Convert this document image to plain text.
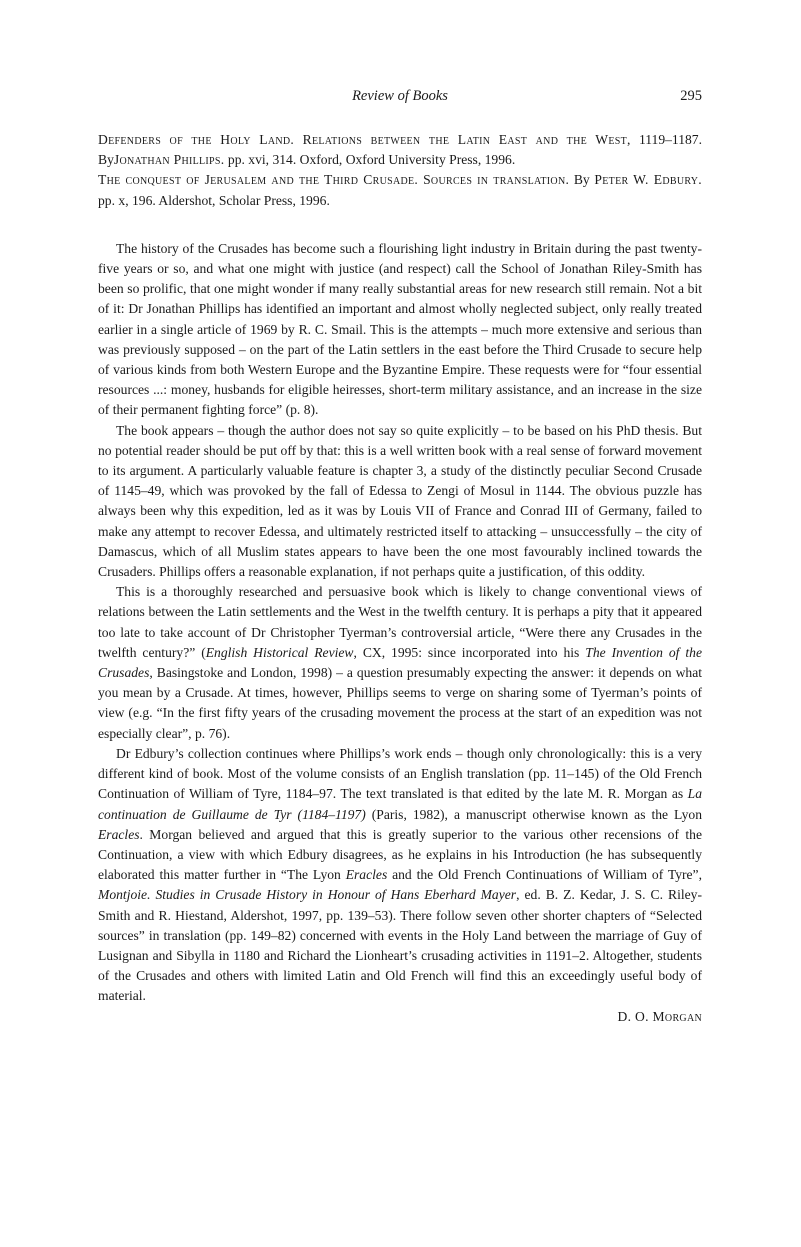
Review of Books	295
Defenders of the Holy Land. Relations between the Latin East and the West, 1119–1187. ByJonathan Phillips. pp. xvi, 314. Oxford, Oxford University Press, 1996.
The conquest of Jerusalem and the Third Crusade. Sources in translation. By Peter W. Edbury. pp. x, 196. Aldershot, Scholar Press, 1996.

The history of the Crusades has become such a flourishing light industry in Britain during the past twenty-five years or so, and what one might with justice (and respect) call the School of Jonathan Riley-Smith has been so prolific, that one might wonder if many really substantial areas for new research still remain. Not a bit of it: Dr Jonathan Phillips has identified an important and almost wholly neglected subject, only really treated earlier in a single article of 1969 by R. C. Smail. This is the attempts – much more extensive and serious than was previously supposed – on the part of the Latin settlers in the east before the Third Crusade to secure help of various kinds from both Western Europe and the Byzantine Empire. These requests were for “four essential resources ...: money, husbands for eligible heiresses, short-term military assistance, and an increase in the size of their permanent fighting force” (p. 8).

The book appears – though the author does not say so quite explicitly – to be based on his PhD thesis. But no potential reader should be put off by that: this is a well written book with a real sense of forward movement to its argument. A particularly valuable feature is chapter 3, a study of the distinctly peculiar Second Crusade of 1145–49, which was provoked by the fall of Edessa to Zengi of Mosul in 1144. The obvious puzzle has always been why this expedition, led as it was by Louis VII of France and Conrad III of Germany, failed to make any attempt to recover Edessa, and ultimately restricted itself to attacking – unsuccessfully – the city of Damascus, which of all Muslim states appears to have been the one most favourably inclined towards the Crusaders. Phillips offers a reasonable explanation, if not perhaps quite a justification, of this oddity.

This is a thoroughly researched and persuasive book which is likely to change conventional views of relations between the Latin settlements and the West in the twelfth century. It is perhaps a pity that it appeared too late to take account of Dr Christopher Tyerman’s controversial article, “Were there any Crusades in the twelfth century?” (English Historical Review, CX, 1995: since incorporated into his The Invention of the Crusades, Basingstoke and London, 1998) – a question presumably expecting the answer: it depends on what you mean by a Crusade. At times, however, Phillips seems to verge on sharing some of Tyerman’s points of view (e.g. “In the first fifty years of the crusading movement the process at the start of an expedition was not especially clear”, p. 76).

Dr Edbury’s collection continues where Phillips’s work ends – though only chronologically: this is a very different kind of book. Most of the volume consists of an English translation (pp. 11–145) of the Old French Continuation of William of Tyre, 1184–97. The text translated is that edited by the late M. R. Morgan as La continuation de Guillaume de Tyr (1184–1197) (Paris, 1982), a manuscript otherwise known as the Lyon Eracles. Morgan believed and argued that this is greatly superior to the various other recensions of the Continuation, a view with which Edbury disagrees, as he explains in his Introduction (he has subsequently elaborated this matter further in “The Lyon Eracles and the Old French Continuations of William of Tyre”, Montjoie. Studies in Crusade History in Honour of Hans Eberhard Mayer, ed. B. Z. Kedar, J. S. C. Riley-Smith and R. Hiestand, Aldershot, 1997, pp. 139–53). There follow seven other shorter chapters of “Selected sources” in translation (pp. 149–82) concerned with events in the Holy Land between the marriage of Guy of Lusignan and Sibylla in 1180 and Richard the Lionheart’s crusading activities in 1191–2. Altogether, students of the Crusades and others with limited Latin and Old French will find this an exceedingly useful body of material.

D. O. Morgan
